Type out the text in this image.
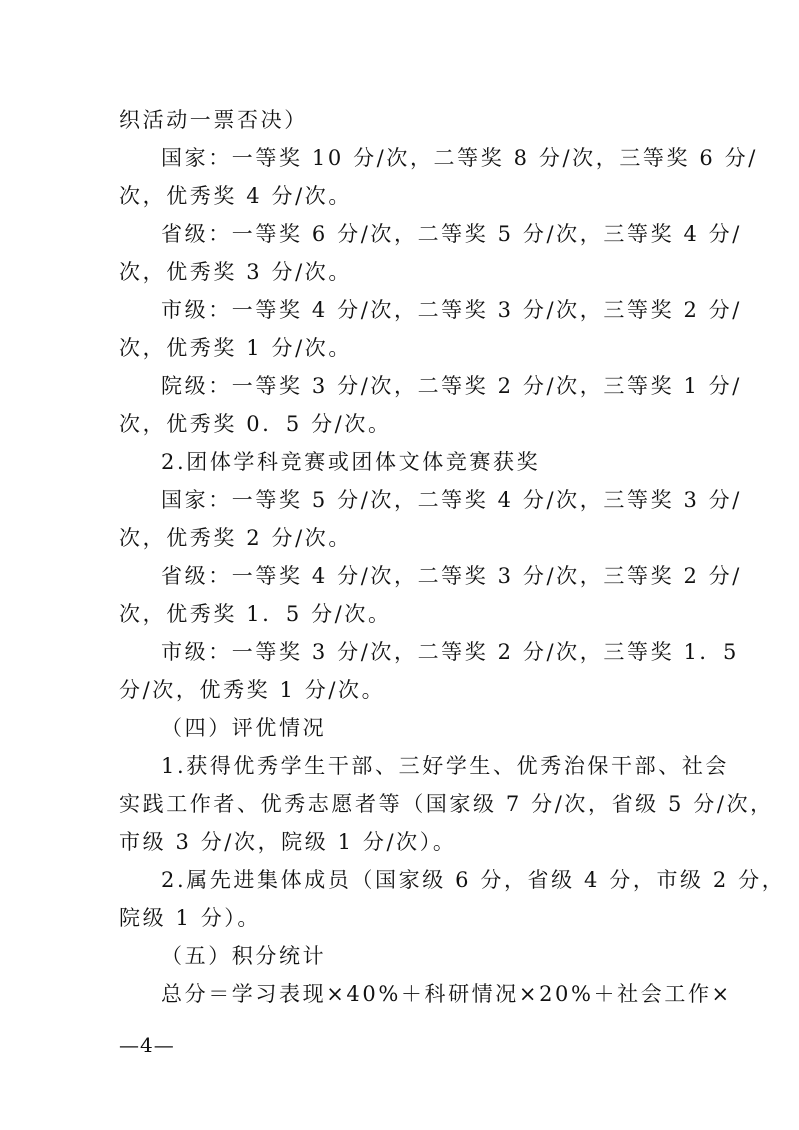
织活动一票否决）
国家：一等奖 10 分/次，二等奖 8 分/次，三等奖 6 分/
次，优秀奖 4 分/次。
省级：一等奖 6 分/次，二等奖 5 分/次，三等奖 4 分/
次，优秀奖 3 分/次。
市级：一等奖 4 分/次，二等奖 3 分/次，三等奖 2 分/
次，优秀奖 1 分/次。
院级：一等奖 3 分/次，二等奖 2 分/次，三等奖 1 分/
次，优秀奖 0．5 分/次。
2.团体学科竞赛或团体文体竞赛获奖
国家：一等奖 5 分/次，二等奖 4 分/次，三等奖 3 分/
次，优秀奖 2 分/次。
省级：一等奖 4 分/次，二等奖 3 分/次，三等奖 2 分/
次，优秀奖 1．5 分/次。
市级：一等奖 3 分/次，二等奖 2 分/次，三等奖 1．5
分/次，优秀奖 1 分/次。
（四）评优情况
1.获得优秀学生干部、三好学生、优秀治保干部、社会
实践工作者、优秀志愿者等（国家级 7 分/次，省级 5 分/次，
市级 3 分/次，院级 1 分/次）。
2.属先进集体成员（国家级 6 分，省级 4 分，市级 2 分，
院级 1 分）。
（五）积分统计
总分＝学习表现×40%＋科研情况×20%＋社会工作×
—4—
